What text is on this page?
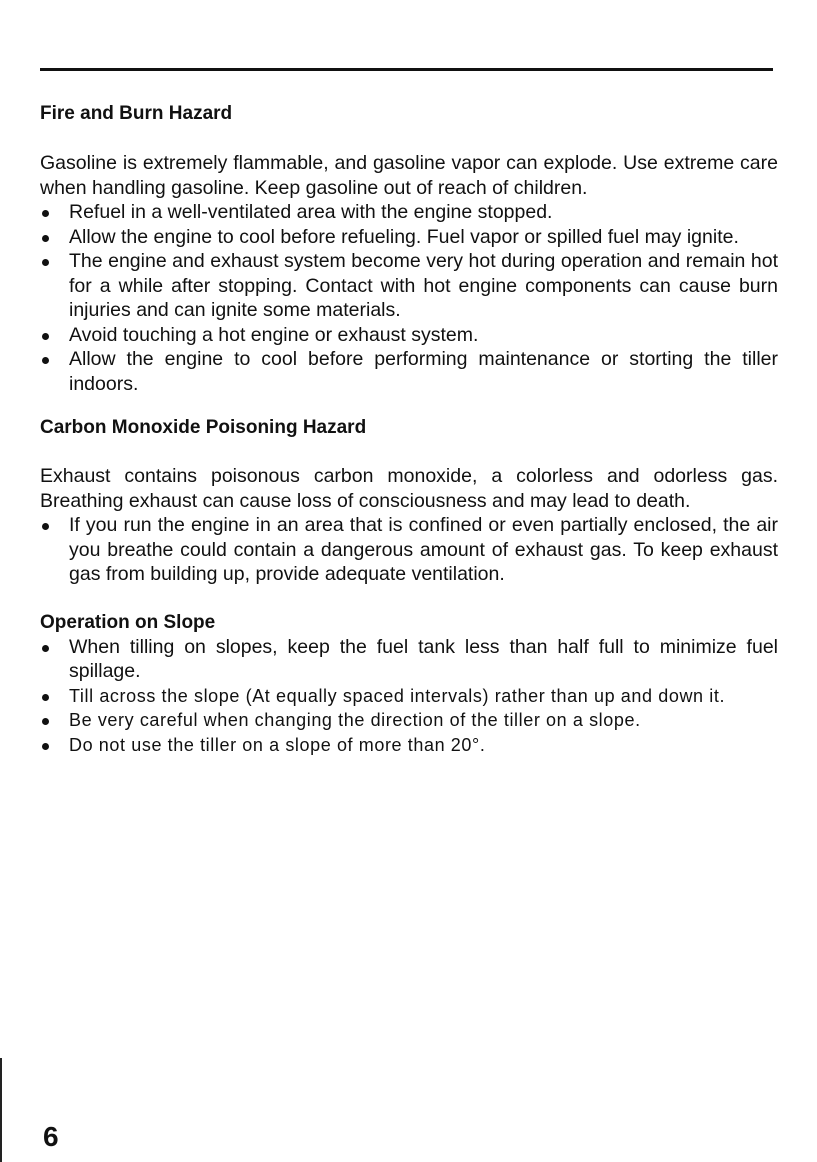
Fire and Burn Hazard

Gasoline is extremely flammable, and gasoline vapor can explode. Use extreme care when handling gasoline. Keep gasoline out of reach of children.

Refuel in a well-ventilated area with the engine stopped.
Allow the engine to cool before refueling. Fuel vapor or spilled fuel may ignite.
The engine and exhaust system become very hot during operation and remain hot for a while after stopping. Contact with hot engine components can cause burn injuries and can ignite some materials.
Avoid touching a hot engine or exhaust system.
Allow the engine to cool before performing maintenance or storting the tiller indoors.
Carbon Monoxide Poisoning Hazard

Exhaust contains poisonous carbon monoxide, a colorless and odorless gas. Breathing exhaust can cause loss of consciousness and may lead to death.

If you run the engine in an area that is confined or even partially enclosed, the air you breathe could contain a dangerous amount of exhaust gas. To keep exhaust gas from building up, provide adequate ventilation.
Operation on Slope
When tilling on slopes, keep the fuel tank less than half full to minimize fuel spillage.
Till across the slope (At equally spaced intervals) rather than up and down it.
Be very careful when changing the direction of the tiller on a slope.
Do not use the tiller on a slope of more than 20°.
6
